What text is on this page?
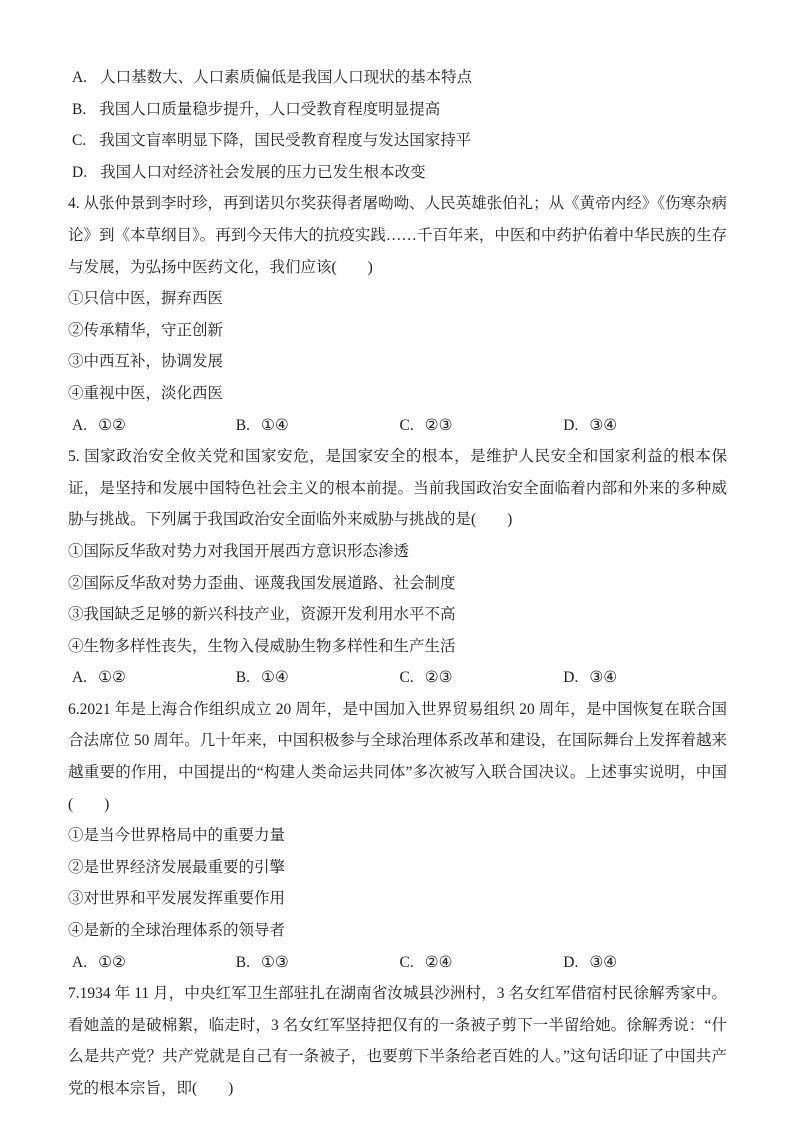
A. 人口基数大、人口素质偏低是我国人口现状的基本特点

B. 我国人口质量稳步提升，人口受教育程度明显提高

C. 我国文盲率明显下降，国民受教育程度与发达国家持平

D. 我国人口对经济社会发展的压力已发生根本改变

4. 从张仲景到李时珍，再到诺贝尔奖获得者屠呦呦、人民英雄张伯礼；从《黄帝内经》《伤寒杂病论》到《本草纲目》。再到今天伟大的抗疫实践……千百年来，中医和中药护佑着中华民族的生存与发展，为弘扬中医药文化，我们应该(　　)

①只信中医，摒弃西医

②传承精华，守正创新

③中西互补，协调发展

④重视中医，淡化西医

A. ①②	B. ①④	C. ②③	D. ③④

5. 国家政治安全攸关党和国家安危，是国家安全的根本，是维护人民安全和国家利益的根本保证，是坚持和发展中国特色社会主义的根本前提。当前我国政治安全面临着内部和外来的多种威胁与挑战。下列属于我国政治安全面临外来威胁与挑战的是(　　)

①国际反华敌对势力对我国开展西方意识形态渗透

②国际反华敌对势力歪曲、诬蔑我国发展道路、社会制度

③我国缺乏足够的新兴科技产业，资源开发利用水平不高

④生物多样性丧失，生物入侵威胁生物多样性和生产生活

A. ①②	B. ①④	C. ②③	D. ③④

6.2021 年是上海合作组织成立 20 周年，是中国加入世界贸易组织 20 周年，是中国恢复在联合国合法席位 50 周年。几十年来，中国积极参与全球治理体系改革和建设，在国际舞台上发挥着越来越重要的作用，中国提出的“构建人类命运共同体”多次被写入联合国决议。上述事实说明，中国(　　)

①是当今世界格局中的重要力量

②是世界经济发展最重要的引擎

③对世界和平发展发挥重要作用

④是新的全球治理体系的领导者

A. ①②	B. ①③	C. ②④	D. ③④

7.1934 年 11 月，中央红军卫生部驻扎在湖南省汝城县沙洲村，3 名女红军借宿村民徐解秀家中。看她盖的是破棉絮，临走时，3 名女红军坚持把仅有的一条被子剪下一半留给她。徐解秀说：“什么是共产党？共产党就是自己有一条被子，也要剪下半条给老百姓的人。”这句话印证了中国共产党的根本宗旨，即(　　)
